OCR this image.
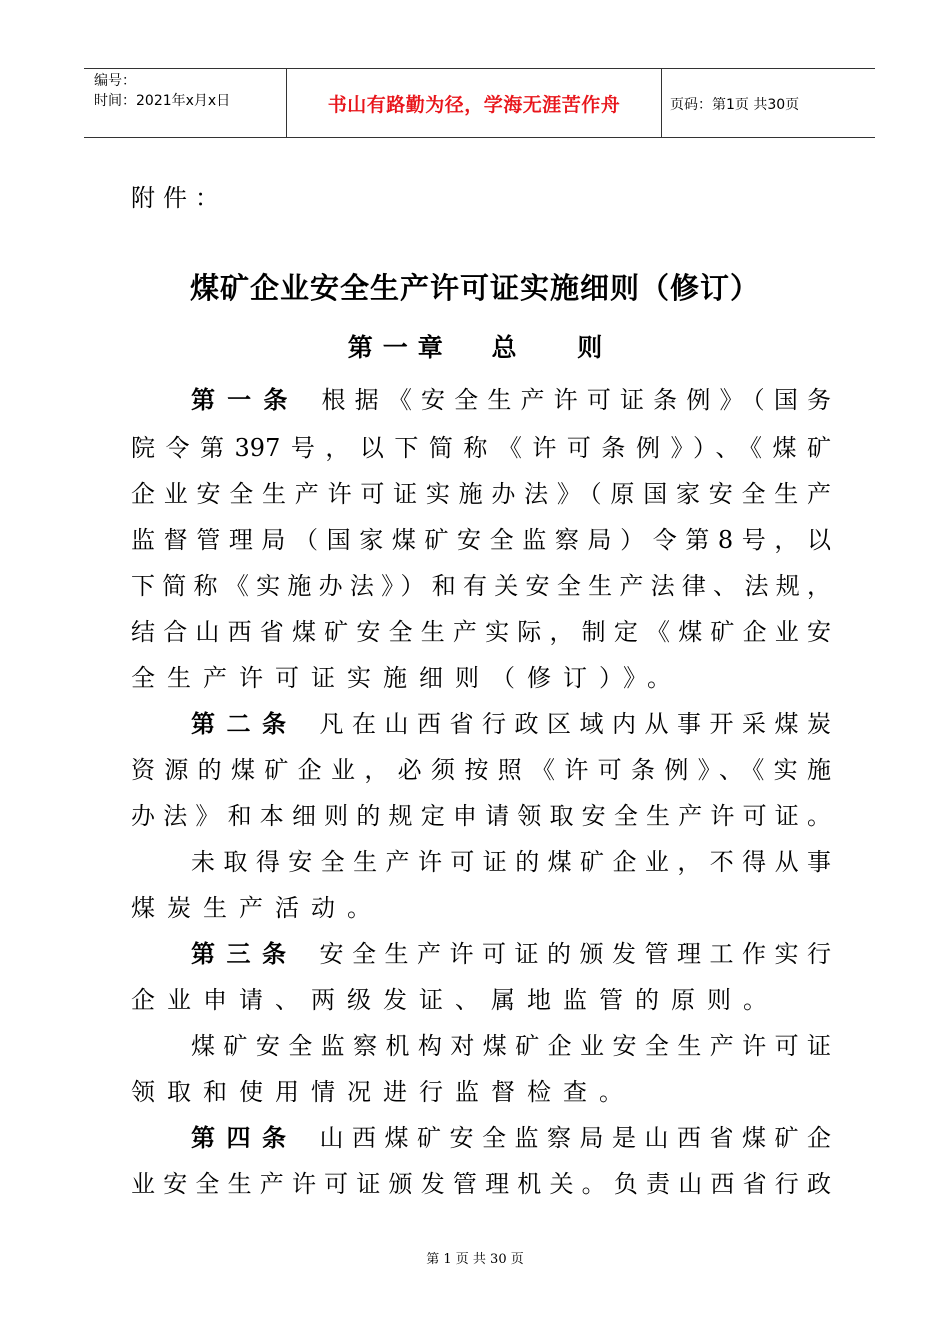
编号：
时间：2021年x月x日	书山有路勤为径，学海无涯苦作舟	页码：第1页 共30页
附件：
煤矿企业安全生产许可证实施细则（修订）
第一章 总 则
第一条 根据《安全生产许可证条例》（国务
院令第397号，以下简称《许可条例》）、《煤矿
企业安全生产许可证实施办法》（原国家安全生产
监督管理局（国家煤矿安全监察局）令第8号，以
下简称《实施办法》）和有关安全生产法律、法规，
结合山西省煤矿安全生产实际，制定《煤矿企业安
全生产许可证实施细则（修订）》。
第二条 凡在山西省行政区域内从事开采煤炭
资源的煤矿企业，必须按照《许可条例》、《实施
办法》和本细则的规定申请领取安全生产许可证。
未取得安全生产许可证的煤矿企业，不得从事
煤炭生产活动。
第三条 安全生产许可证的颁发管理工作实行
企业申请、两级发证、属地监管的原则。
煤矿安全监察机构对煤矿企业安全生产许可证
领取和使用情况进行监督检查。
第四条 山西煤矿安全监察局是山西省煤矿企
业安全生产许可证颁发管理机关。负责山西省行政
第 1 页 共 30 页
